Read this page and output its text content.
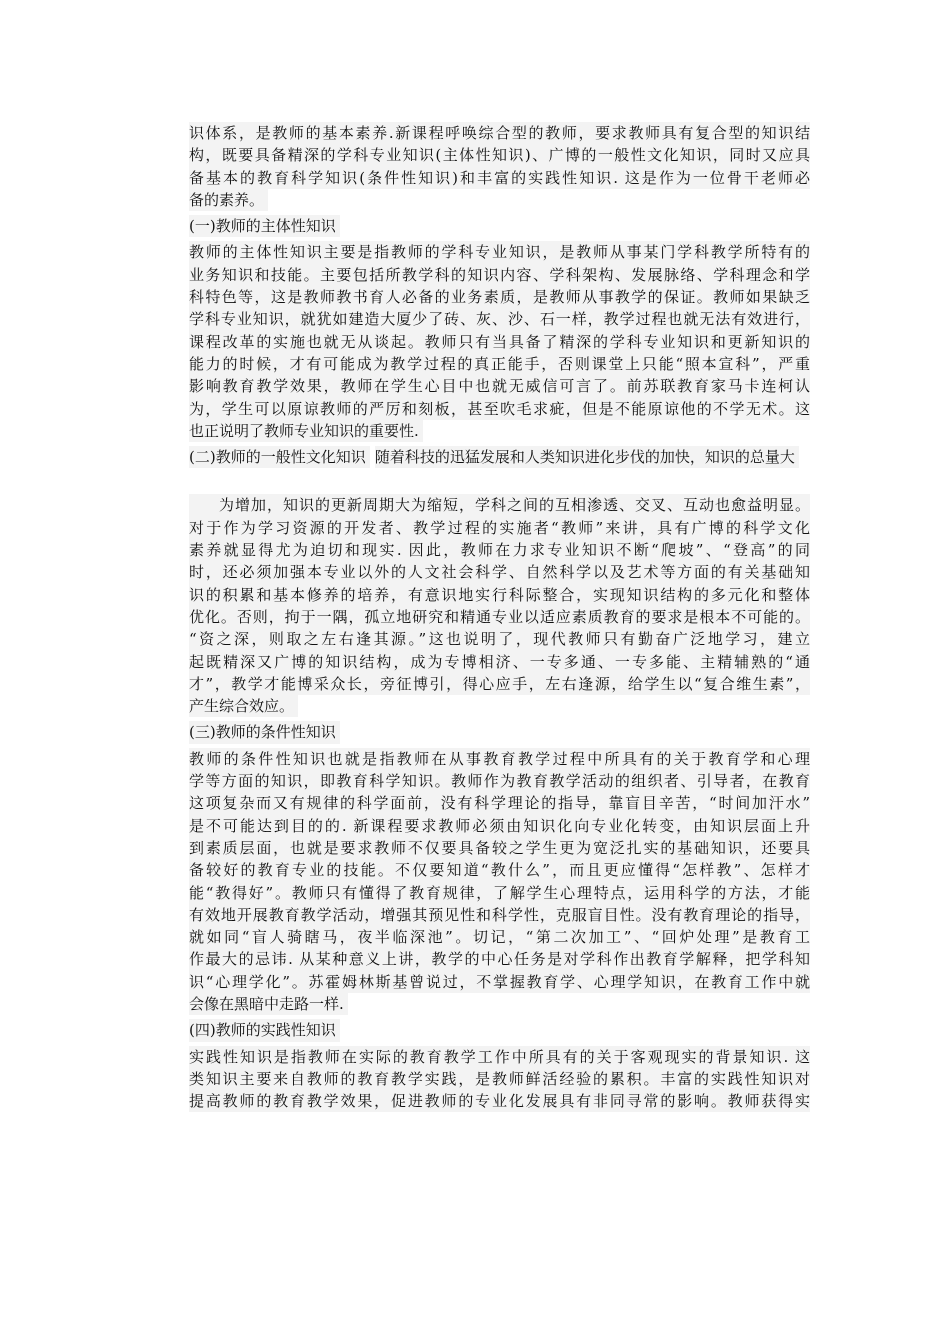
识体系，是教师的基本素养.新课程呼唤综合型的教师，要求教师具有复合型的知识结
构，既要具备精深的学科专业知识(主体性知识)、广博的一般性文化知识，同时又应具
备基本的教育科学知识(条件性知识)和丰富的实践性知识. 这是作为一位骨干老师必
备的素养。
(一)教师的主体性知识
教师的主体性知识主要是指教师的学科专业知识，是教师从事某门学科教学所特有的
业务知识和技能。主要包括所教学科的知识内容、学科架构、发展脉络、学科理念和学
科特色等，这是教师教书育人必备的业务素质，是教师从事教学的保证。教师如果缺乏
学科专业知识，就犹如建造大厦少了砖、灰、沙、石一样，教学过程也就无法有效进行，
课程改革的实施也就无从谈起。教师只有当具备了精深的学科专业知识和更新知识的
能力的时候，才有可能成为教学过程的真正能手，否则课堂上只能“照本宣科”，严重
影响教育教学效果，教师在学生心目中也就无威信可言了。前苏联教育家马卡连柯认
为，学生可以原谅教师的严厉和刻板，甚至吹毛求疵，但是不能原谅他的不学无术。这
也正说明了教师专业知识的重要性.
(二)教师的一般性文化知识 随着科技的迅猛发展和人类知识进化步伐的加快，知识的总量大
为增加，知识的更新周期大为缩短，学科之间的互相渗透、交叉、互动也愈益明显。
对于作为学习资源的开发者、教学过程的实施者“教师”来讲，具有广博的科学文化
素养就显得尤为迫切和现实. 因此，教师在力求专业知识不断“爬坡”、“登高”的同
时，还必须加强本专业以外的人文社会科学、自然科学以及艺术等方面的有关基础知
识的积累和基本修养的培养，有意识地实行科际整合，实现知识结构的多元化和整体
优化。否则，拘于一隅，孤立地研究和精通专业以适应素质教育的要求是根本不可能的。
“资之深，则取之左右逢其源。”这也说明了，现代教师只有勤奋广泛地学习，建立
起既精深又广博的知识结构，成为专博相济、一专多通、一专多能、主精辅熟的“通
才”，教学才能博采众长，旁征博引，得心应手，左右逢源，给学生以“复合维生素”，
产生综合效应。
(三)教师的条件性知识
教师的条件性知识也就是指教师在从事教育教学过程中所具有的关于教育学和心理
学等方面的知识，即教育科学知识。教师作为教育教学活动的组织者、引导者，在教育
这项复杂而又有规律的科学面前，没有科学理论的指导，靠盲目辛苦，“时间加汗水”
是不可能达到目的的. 新课程要求教师必须由知识化向专业化转变，由知识层面上升
到素质层面，也就是要求教师不仅要具备较之学生更为宽泛扎实的基础知识，还要具
备较好的教育专业的技能。不仅要知道“教什么”，而且更应懂得“怎样教”、怎样才
能“教得好”。教师只有懂得了教育规律，了解学生心理特点，运用科学的方法，才能
有效地开展教育教学活动，增强其预见性和科学性，克服盲目性。没有教育理论的指导，
就如同“盲人骑瞎马，夜半临深池”。切记，“第二次加工”、“回炉处理”是教育工
作最大的忌讳. 从某种意义上讲，教学的中心任务是对学科作出教育学解释，把学科知
识“心理学化”。苏霍姆林斯基曾说过，不掌握教育学、心理学知识，在教育工作中就
会像在黑暗中走路一样.
(四)教师的实践性知识
实践性知识是指教师在实际的教育教学工作中所具有的关于客观现实的背景知识. 这
类知识主要来自教师的教育教学实践，是教师鲜活经验的累积。丰富的实践性知识对
提高教师的教育教学效果，促进教师的专业化发展具有非同寻常的影响。教师获得实
